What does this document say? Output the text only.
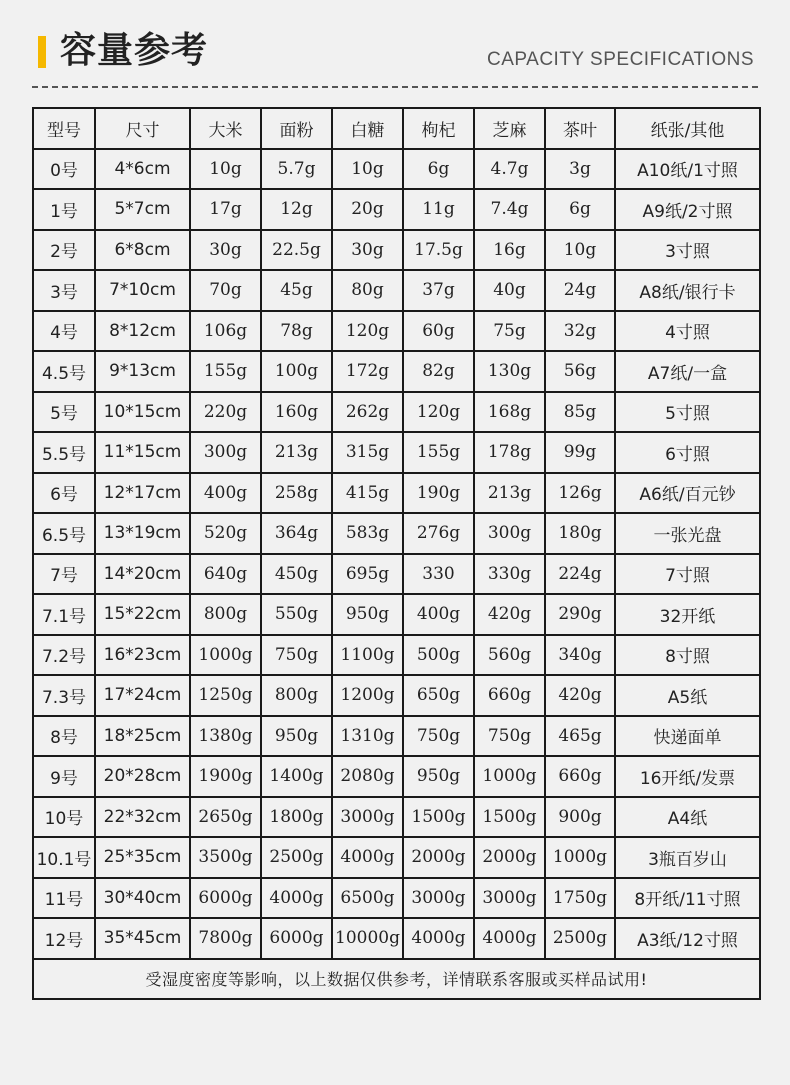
容量参考	CAPACITY SPECIFICATIONS
型号	尺寸	大米	面粉	白糖	枸杞	芝麻	茶叶	纸张/其他
0号	4*6cm	10g	5.7g	10g	6g	4.7g	3g	A10纸/1寸照
1号	5*7cm	17g	12g	20g	11g	7.4g	6g	A9纸/2寸照
2号	6*8cm	30g	22.5g	30g	17.5g	16g	10g	3寸照
3号	7*10cm	70g	45g	80g	37g	40g	24g	A8纸/银行卡
4号	8*12cm	106g	78g	120g	60g	75g	32g	4寸照
4.5号	9*13cm	155g	100g	172g	82g	130g	56g	A7纸/一盒
5号	10*15cm	220g	160g	262g	120g	168g	85g	5寸照
5.5号	11*15cm	300g	213g	315g	155g	178g	99g	6寸照
6号	12*17cm	400g	258g	415g	190g	213g	126g	A6纸/百元钞
6.5号	13*19cm	520g	364g	583g	276g	300g	180g	一张光盘
7号	14*20cm	640g	450g	695g	330	330g	224g	7寸照
7.1号	15*22cm	800g	550g	950g	400g	420g	290g	32开纸
7.2号	16*23cm	1000g	750g	1100g	500g	560g	340g	8寸照
7.3号	17*24cm	1250g	800g	1200g	650g	660g	420g	A5纸
8号	18*25cm	1380g	950g	1310g	750g	750g	465g	快递面单
9号	20*28cm	1900g	1400g	2080g	950g	1000g	660g	16开纸/发票
10号	22*32cm	2650g	1800g	3000g	1500g	1500g	900g	A4纸
10.1号	25*35cm	3500g	2500g	4000g	2000g	2000g	1000g	3瓶百岁山
11号	30*40cm	6000g	4000g	6500g	3000g	3000g	1750g	8开纸/11寸照
12号	35*45cm	7800g	6000g	10000g	4000g	4000g	2500g	A3纸/12寸照
受湿度密度等影响，以上数据仅供参考，详情联系客服或买样品试用!								
